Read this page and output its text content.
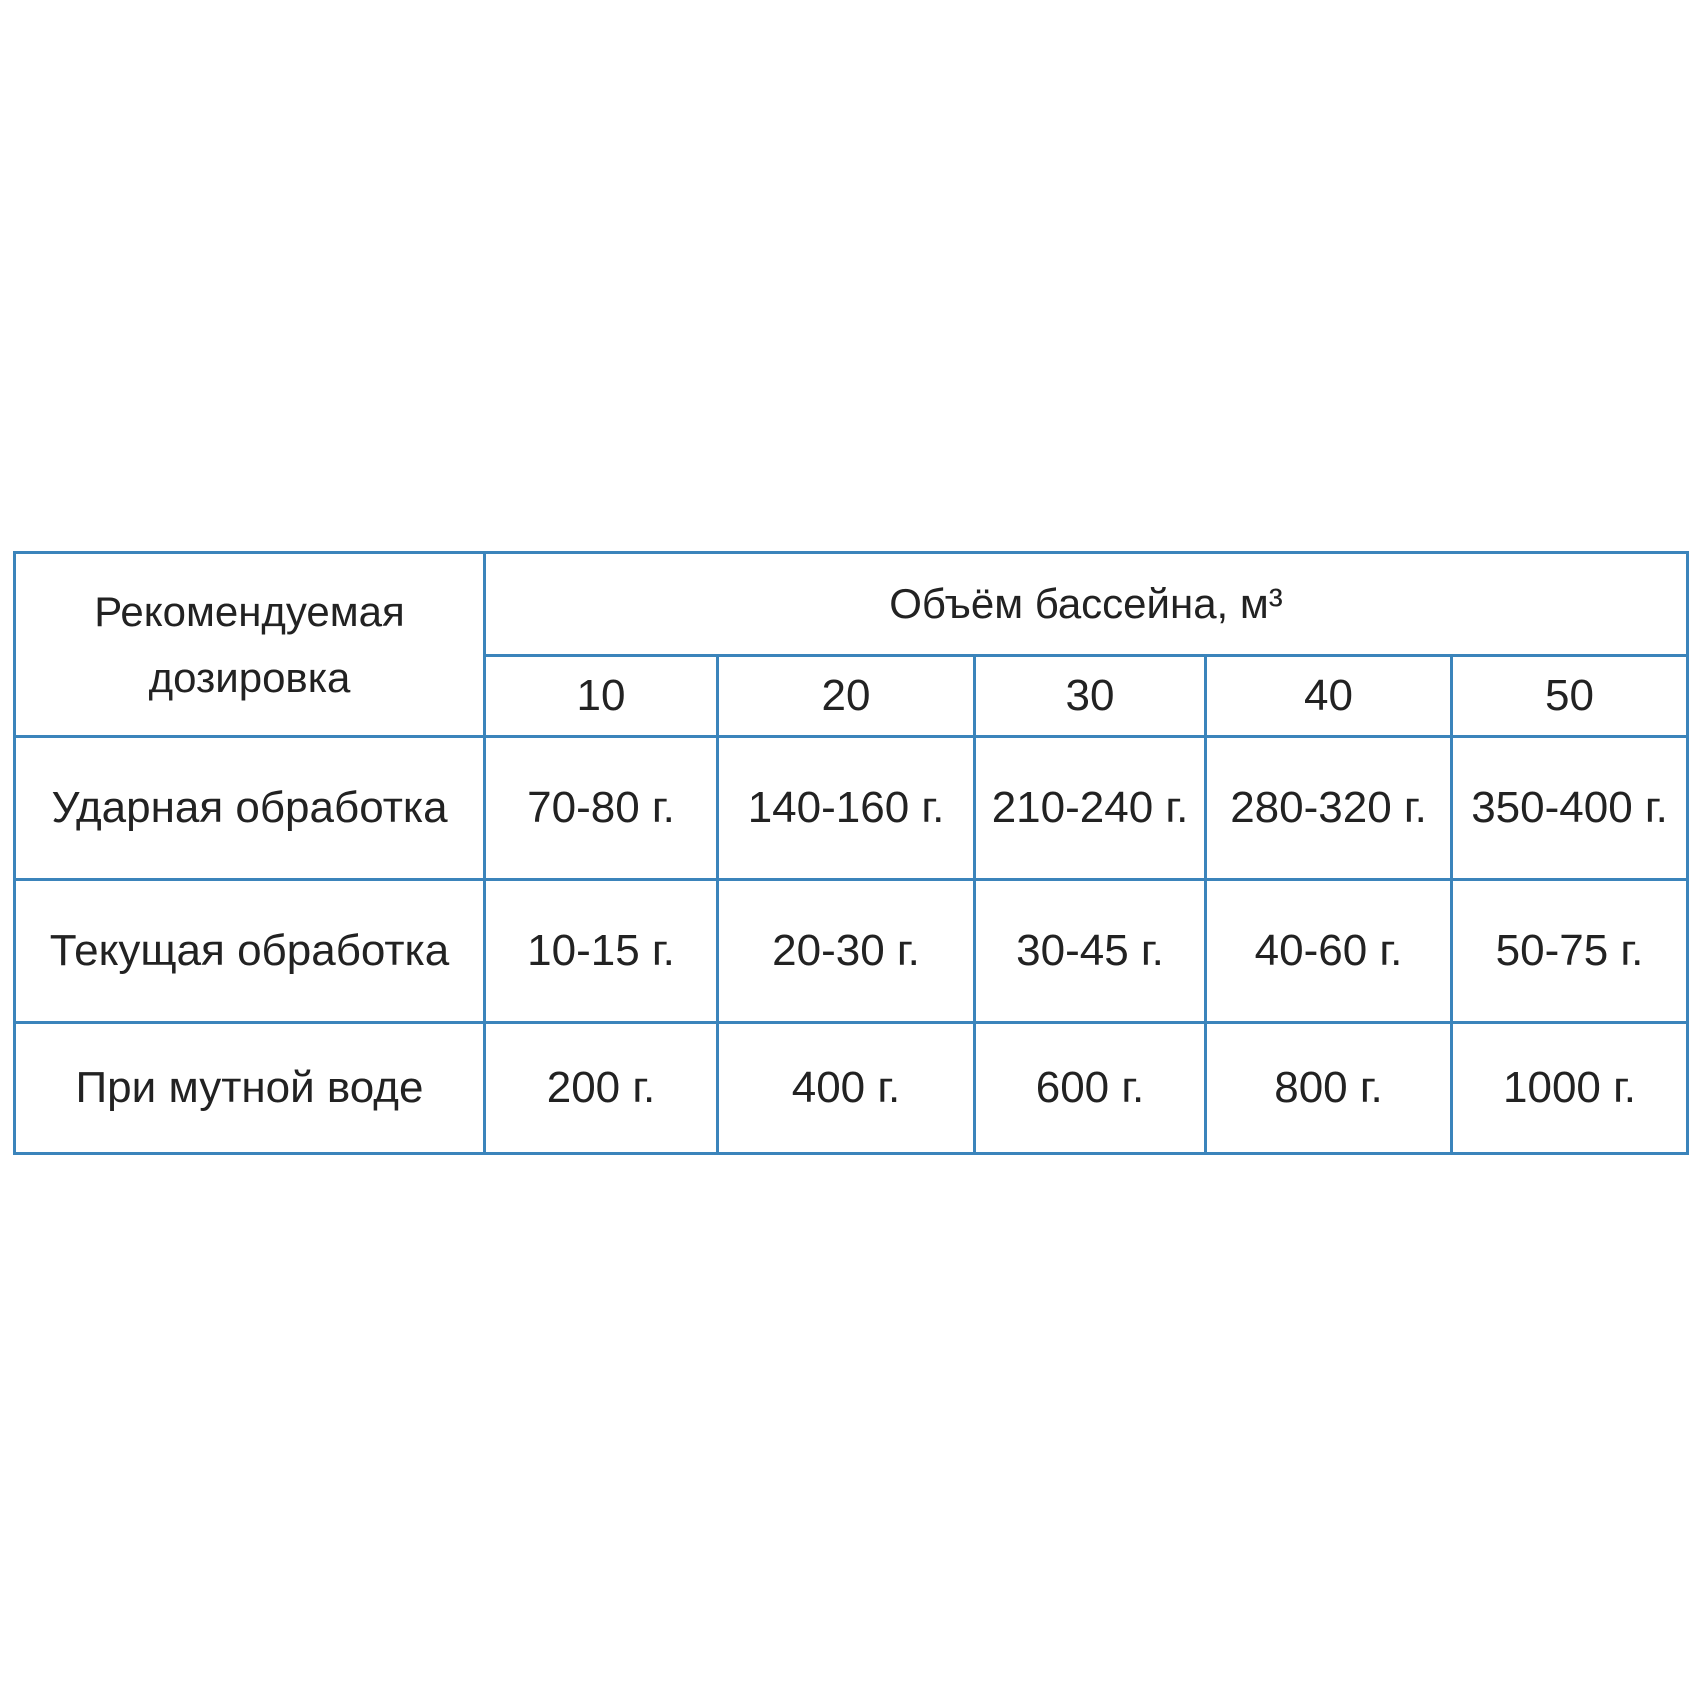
Рекомендуемая
дозировка	Объём бассейна, м³				
	10	20	30	40	50
Ударная обработка	70-80 г.	140-160 г.	210-240 г.	280-320 г.	350-400 г.
Текущая обработка	10-15 г.	20-30 г.	30-45 г.	40-60 г.	50-75 г.
При мутной воде	200 г.	400 г.	600 г.	800 г.	1000 г.
